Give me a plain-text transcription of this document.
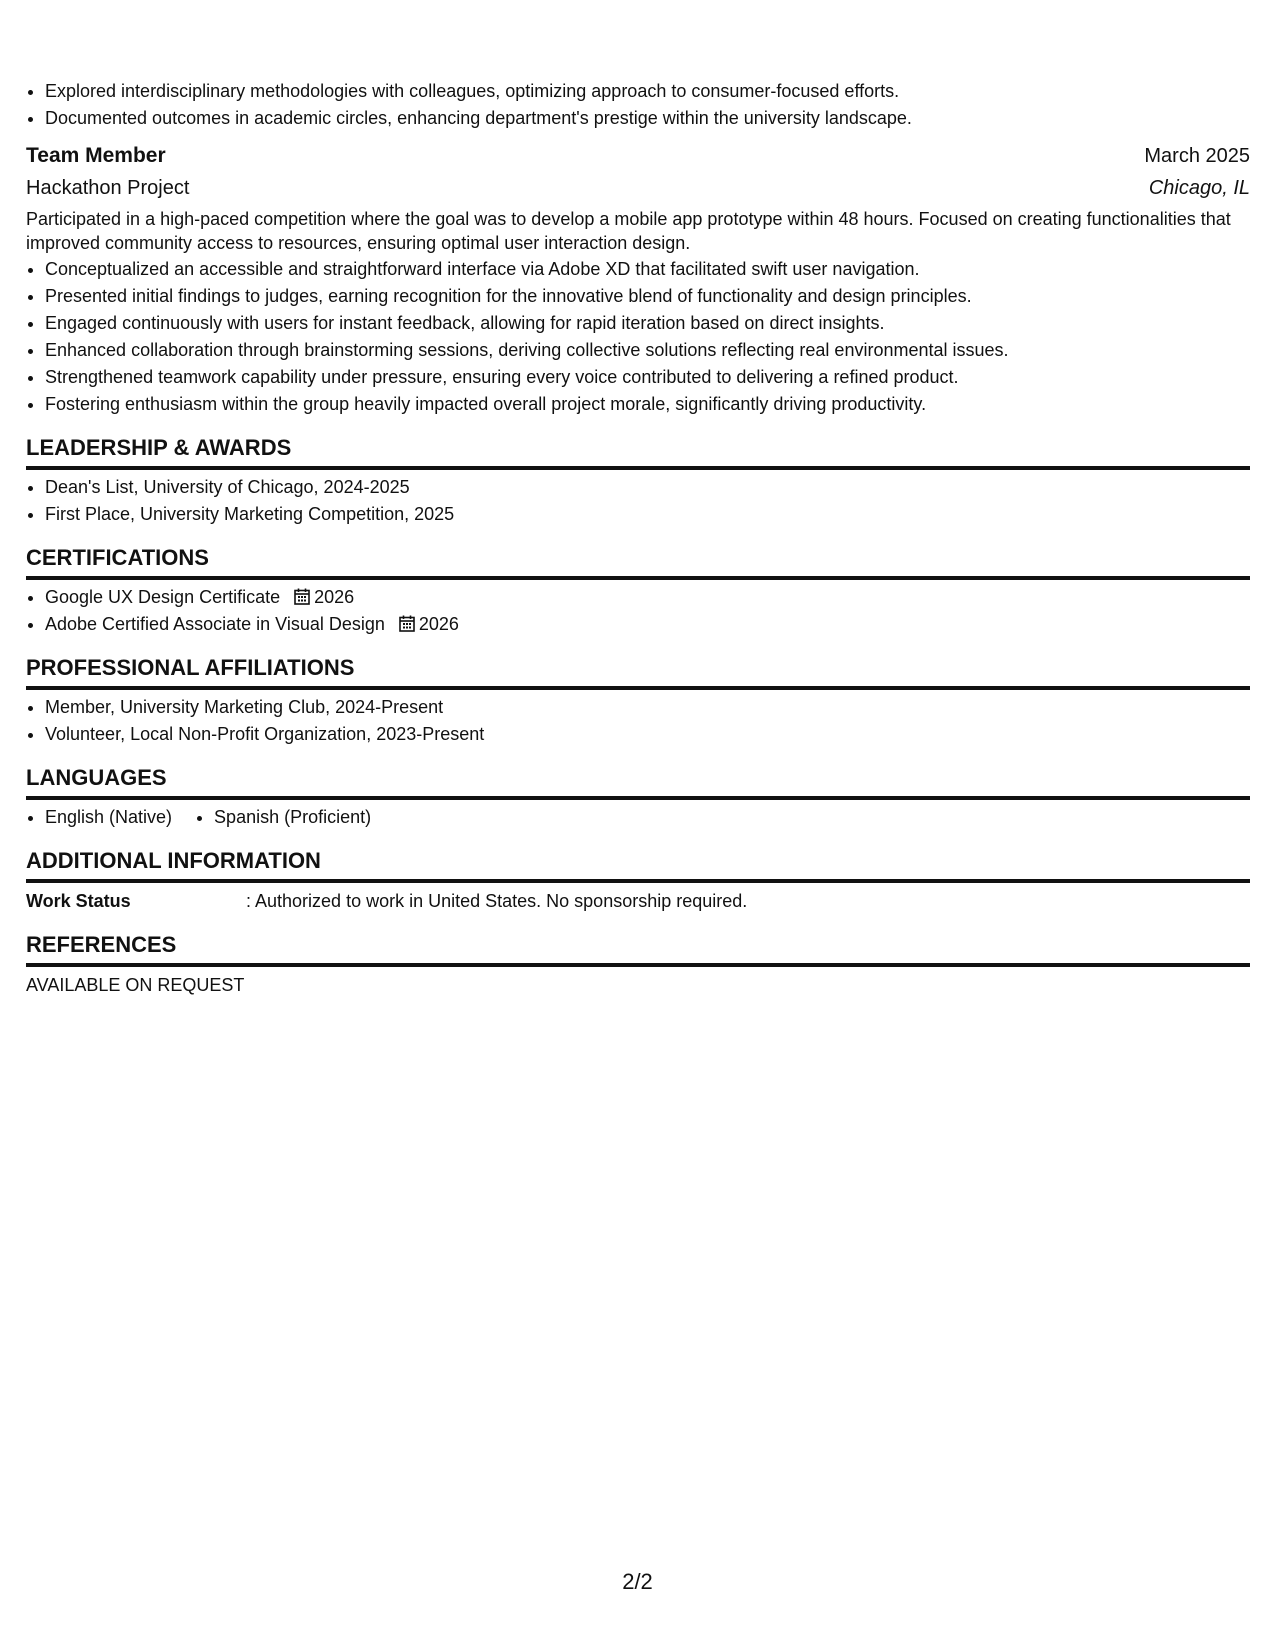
• Explored interdisciplinary methodologies with colleagues, optimizing approach to consumer-focused efforts.
• Documented outcomes in academic circles, enhancing department's prestige within the university landscape.
Team Member	March 2025
Hackathon Project	Chicago, IL
Participated in a high-paced competition where the goal was to develop a mobile app prototype within 48 hours. Focused on creating functionalities that improved community access to resources, ensuring optimal user interaction design.
• Conceptualized an accessible and straightforward interface via Adobe XD that facilitated swift user navigation.
• Presented initial findings to judges, earning recognition for the innovative blend of functionality and design principles.
• Engaged continuously with users for instant feedback, allowing for rapid iteration based on direct insights.
• Enhanced collaboration through brainstorming sessions, deriving collective solutions reflecting real environmental issues.
• Strengthened teamwork capability under pressure, ensuring every voice contributed to delivering a refined product.
• Fostering enthusiasm within the group heavily impacted overall project morale, significantly driving productivity.
LEADERSHIP & AWARDS
• Dean's List, University of Chicago, 2024-2025
• First Place, University Marketing Competition, 2025
CERTIFICATIONS
• Google UX Design Certificate 2026
• Adobe Certified Associate in Visual Design 2026
PROFESSIONAL AFFILIATIONS
• Member, University Marketing Club, 2024-Present
• Volunteer, Local Non-Profit Organization, 2023-Present
LANGUAGES
• English (Native)
• Spanish (Proficient)
ADDITIONAL INFORMATION
Work Status	: Authorized to work in United States. No sponsorship required.
REFERENCES
AVAILABLE ON REQUEST
2/2
